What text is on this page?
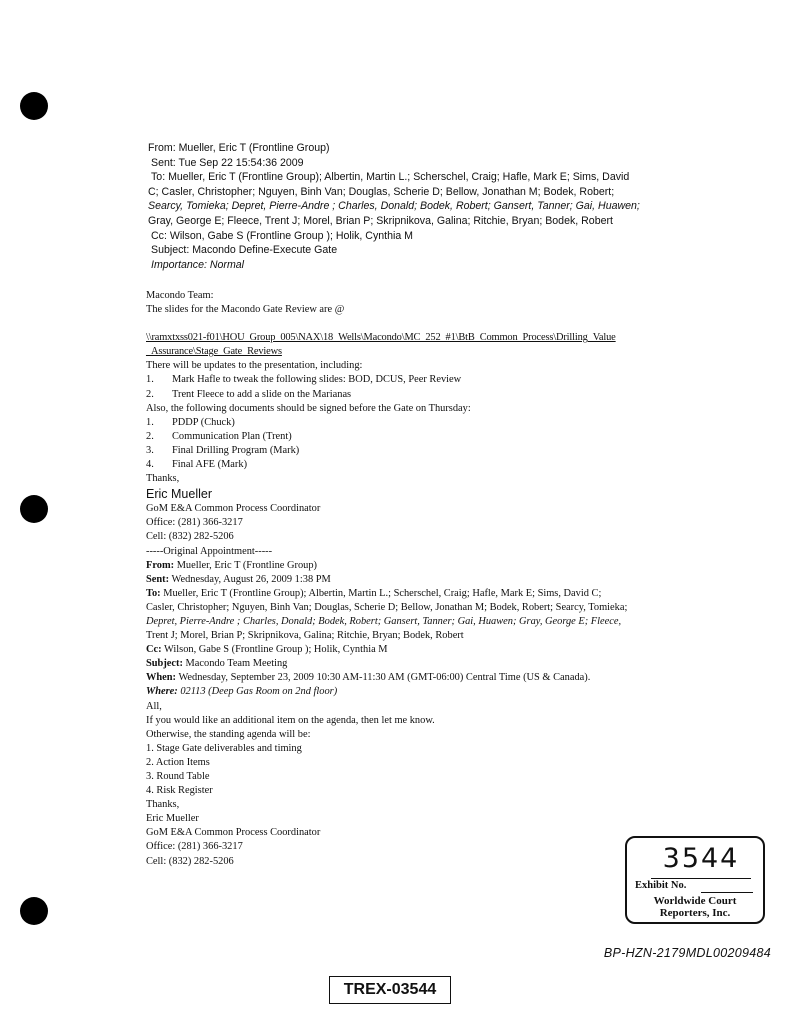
From: Mueller, Eric T (Frontline Group)
Sent: Tue Sep 22 15:54:36 2009
To: Mueller, Eric T (Frontline Group); Albertin, Martin L.; Scherschel, Craig; Hafle, Mark E; Sims, David
C; Casler, Christopher; Nguyen, Binh Van; Douglas, Scherie D; Bellow, Jonathan M; Bodek, Robert;
Searcy, Tomieka; Depret, Pierre-Andre ; Charles, Donald; Bodek, Robert; Gansert, Tanner; Gai, Huawen;
Gray, George E; Fleece, Trent J; Morel, Brian P; Skripnikova, Galina; Ritchie, Bryan; Bodek, Robert
Cc: Wilson, Gabe S (Frontline Group ); Holik, Cynthia M
Subject: Macondo Define-Execute Gate
Importance: Normal
Macondo Team:
The slides for the Macondo Gate Review are @
\\ramxtxss021-f01\HOU_Group_005\NAX\18_Wells\Macondo\MC_252_#1\BtB_Common_Process\Drilling_Value
_Assurance\Stage_Gate_Reviews
There will be updates to the presentation, including:
1. Mark Hafle to tweak the following slides: BOD, DCUS, Peer Review
2. Trent Fleece to add a slide on the Marianas
Also, the following documents should be signed before the Gate on Thursday:
1. PDDP (Chuck)
2. Communication Plan (Trent)
3. Final Drilling Program (Mark)
4. Final AFE (Mark)
Thanks,
Eric Mueller
GoM E&A Common Process Coordinator
Office: (281) 366-3217
Cell: (832) 282-5206
-----Original Appointment-----
From: Mueller, Eric T (Frontline Group)
Sent: Wednesday, August 26, 2009 1:38 PM
To: Mueller, Eric T (Frontline Group); Albertin, Martin L.; Scherschel, Craig; Hafle, Mark E; Sims, David C;
Casler, Christopher; Nguyen, Binh Van; Douglas, Scherie D; Bellow, Jonathan M; Bodek, Robert; Searcy, Tomieka;
Depret, Pierre-Andre ; Charles, Donald; Bodek, Robert; Gansert, Tanner; Gai, Huawen; Gray, George E; Fleece,
Trent J; Morel, Brian P; Skripnikova, Galina; Ritchie, Bryan; Bodek, Robert
Cc: Wilson, Gabe S (Frontline Group ); Holik, Cynthia M
Subject: Macondo Team Meeting
When: Wednesday, September 23, 2009 10:30 AM-11:30 AM (GMT-06:00) Central Time (US & Canada).
Where: 02113 (Deep Gas Room on 2nd floor)
All,
If you would like an additional item on the agenda, then let me know.
Otherwise, the standing agenda will be:
1. Stage Gate deliverables and timing
2. Action Items
3. Round Table
4. Risk Register
Thanks,
Eric Mueller
GoM E&A Common Process Coordinator
Office: (281) 366-3217
Cell: (832) 282-5206	3544
Exhibit No.
Worldwide Court
Reporters, Inc.
BP-HZN-2179MDL00209484
TREX-03544
